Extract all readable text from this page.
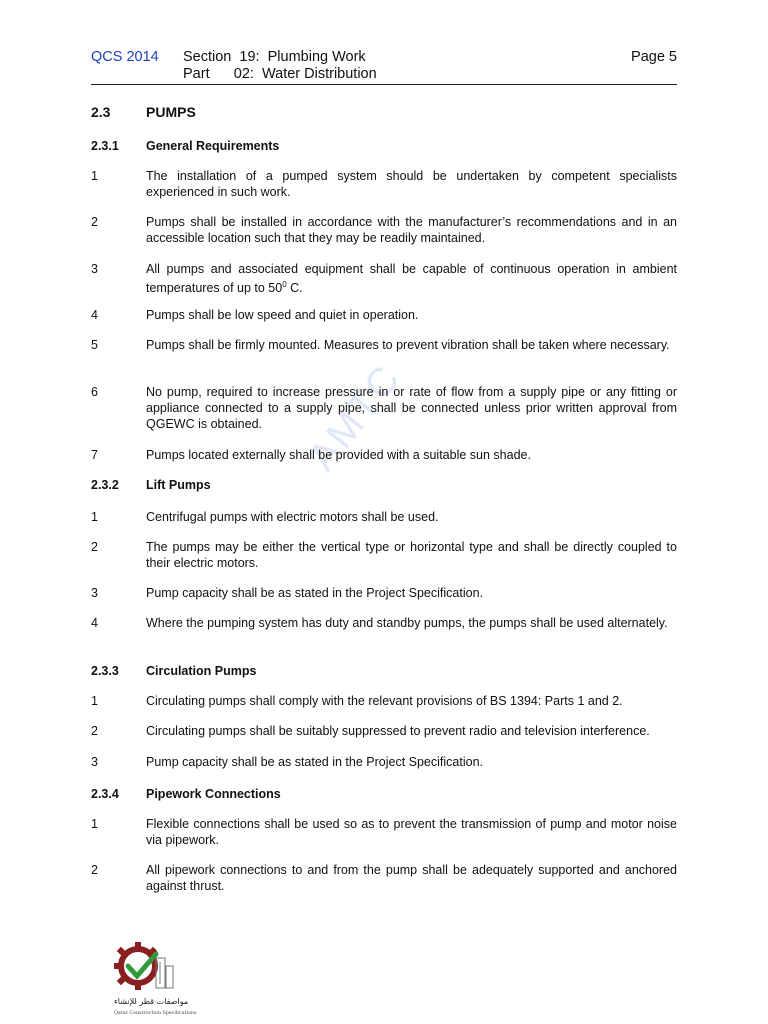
QCS 2014 Section  19:  Plumbing Work
Part      02:  Water Distribution
Page 5
AMTC
2.3	PUMPS
2.3.1 General Requirements
1	The installation of a pumped system should be undertaken by competent specialists experienced in such work.
2	Pumps shall be installed in accordance with the manufacturer’s recommendations and in an accessible location such that they may be readily maintained.
3	All pumps and associated equipment shall be capable of continuous operation in ambient temperatures of up to $50^0$ C.
4	Pumps shall be low speed and quiet in operation.
5	Pumps shall be firmly mounted. Measures to prevent vibration shall be taken where necessary.
6	No pump, required to increase pressure in or rate of flow from a supply pipe or any fitting or appliance connected to a supply pipe, shall be connected unless prior written approval from QGEWC is obtained.
7	Pumps located externally shall be provided with a suitable sun shade.
2.3.2 Lift Pumps
1	Centrifugal pumps with electric motors shall be used.
2	The pumps may be either the vertical type or horizontal type and shall be directly coupled to their electric motors.
3	Pump capacity shall be as stated in the Project Specification.
4	Where the pumping system has duty and standby pumps, the pumps shall be used alternately.
2.3.3 Circulation Pumps
1	Circulating pumps shall comply with the relevant provisions of BS 1394: Parts 1 and 2.
2	Circulating pumps shall be suitably suppressed to prevent radio and television interference.
3	Pump capacity shall be as stated in the Project Specification.
2.3.4 Pipework Connections
1	Flexible connections shall be used so as to prevent the transmission of pump and motor noise via pipework.
2	All pipework connections to and from the pump shall be adequately supported and anchored against thrust.
مواصفات قطر للإنشاء
Qatar Construction Specifications
